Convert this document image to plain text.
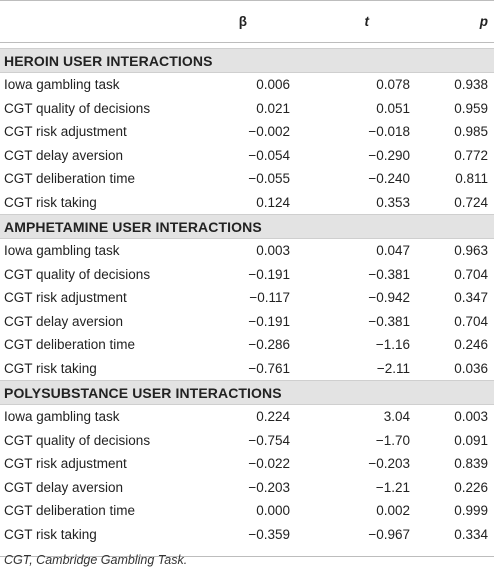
	β	t	p

HEROIN USER INTERACTIONS			
Iowa gambling task	0.006	0.078	0.938
CGT quality of decisions	0.021	0.051	0.959
CGT risk adjustment	−0.002	−0.018	0.985
CGT delay aversion	−0.054	−0.290	0.772
CGT deliberation time	−0.055	−0.240	0.811
CGT risk taking	0.124	0.353	0.724
AMPHETAMINE USER INTERACTIONS			
Iowa gambling task	0.003	0.047	0.963
CGT quality of decisions	−0.191	−0.381	0.704
CGT risk adjustment	−0.117	−0.942	0.347
CGT delay aversion	−0.191	−0.381	0.704
CGT deliberation time	−0.286	−1.16	0.246
CGT risk taking	−0.761	−2.11	0.036
POLYSUBSTANCE USER INTERACTIONS			
Iowa gambling task	0.224	3.04	0.003
CGT quality of decisions	−0.754	−1.70	0.091
CGT risk adjustment	−0.022	−0.203	0.839
CGT delay aversion	−0.203	−1.21	0.226
CGT deliberation time	0.000	0.002	0.999
CGT risk taking	−0.359	−0.967	0.334

CGT, Cambridge Gambling Task.
